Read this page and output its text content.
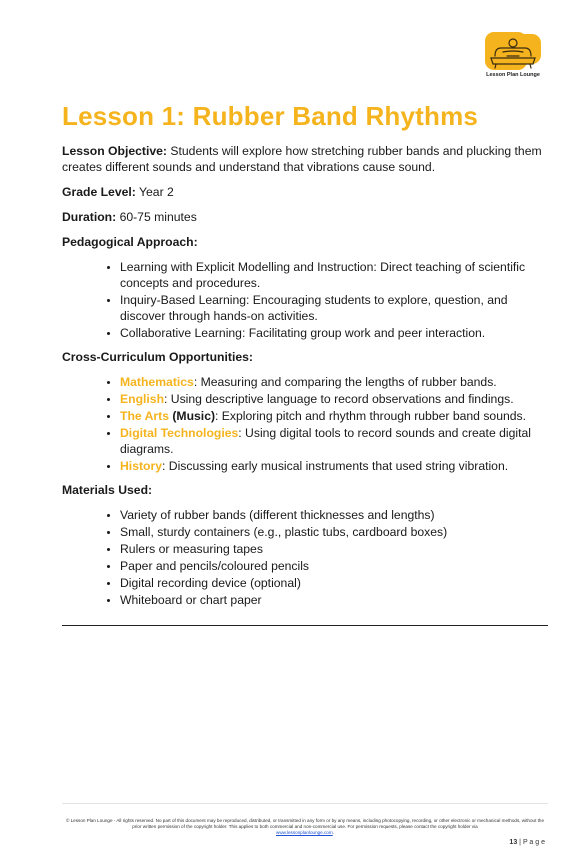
Lesson Plan Lounge
Lesson 1: Rubber Band Rhythms

Lesson Objective: Students will explore how stretching rubber bands and plucking them creates different sounds and understand that vibrations cause sound.

Grade Level: Year 2

Duration: 60-75 minutes

Pedagogical Approach:

• Learning with Explicit Modelling and Instruction: Direct teaching of scientific concepts and procedures.
• Inquiry-Based Learning: Encouraging students to explore, question, and discover through hands-on activities.
• Collaborative Learning: Facilitating group work and peer interaction.

Cross-Curriculum Opportunities:

• Mathematics: Measuring and comparing the lengths of rubber bands.
• English: Using descriptive language to record observations and findings.
• The Arts (Music): Exploring pitch and rhythm through rubber band sounds.
• Digital Technologies: Using digital tools to record sounds and create digital diagrams.
• History: Discussing early musical instruments that used string vibration.

Materials Used:

• Variety of rubber bands (different thicknesses and lengths)
• Small, sturdy containers (e.g., plastic tubs, cardboard boxes)
• Rulers or measuring tapes
• Paper and pencils/coloured pencils
• Digital recording device (optional)
• Whiteboard or chart paper
© Lesson Plan Lounge - All rights reserved. No part of this document may be reproduced, distributed, or transmitted in any form or by any means, including photocopying, recording, or other electronic or mechanical methods, without the prior written permission of the copyright holder. This applies to both commercial and non-commercial use. For permission requests, please contact the copyright holder via
www.lessonplanlounge.com.
13 | P a g e
